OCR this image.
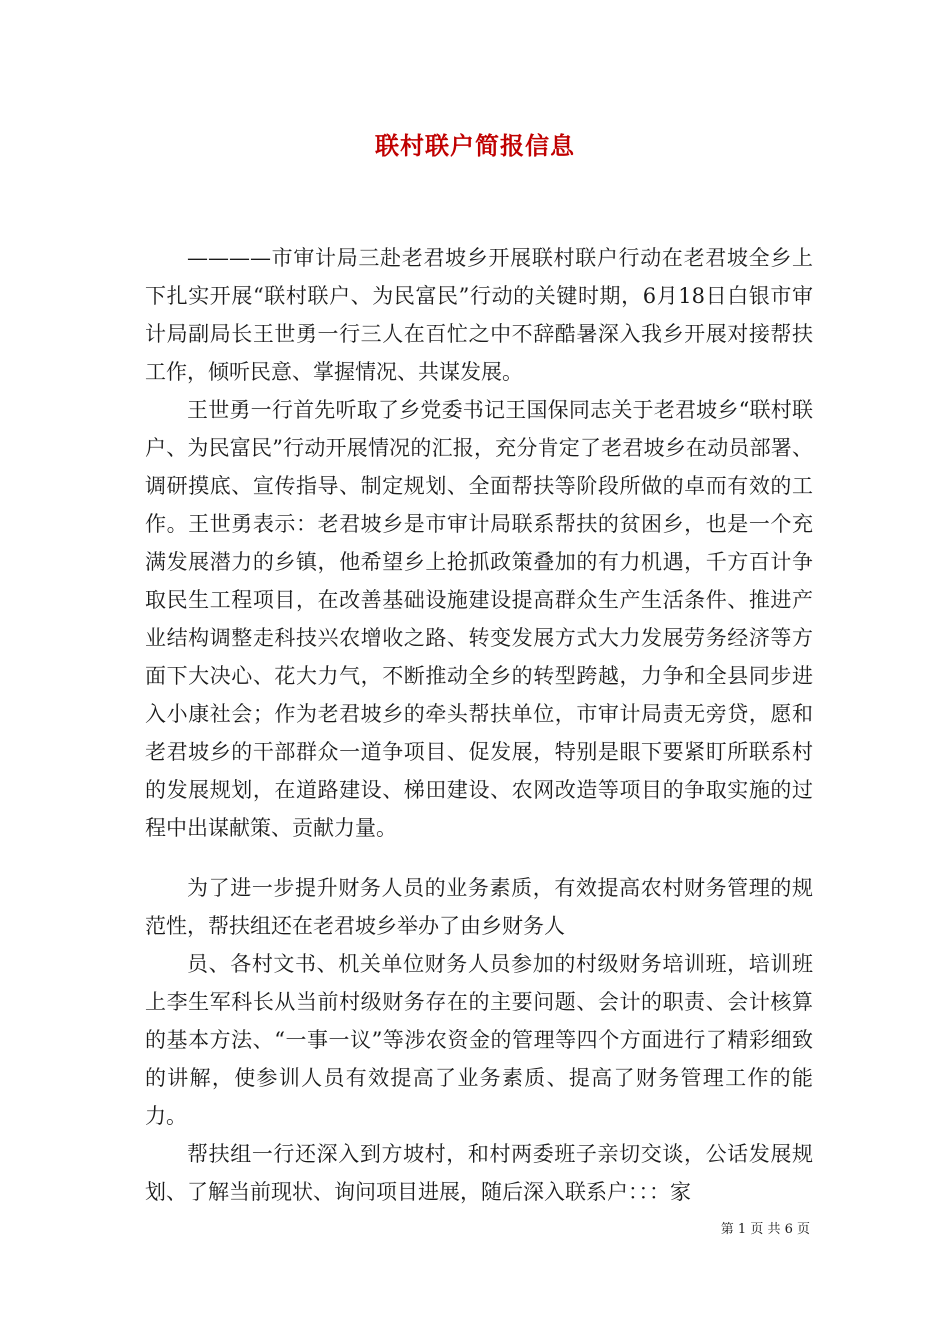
联村联户简报信息

————市审计局三赴老君坡乡开展联村联户行动在老君坡全乡上下扎实开展“联村联户、为民富民”行动的关键时期，6月18日白银市审计局副局长王世勇一行三人在百忙之中不辞酷暑深入我乡开展对接帮扶工作，倾听民意、掌握情况、共谋发展。

王世勇一行首先听取了乡党委书记王国保同志关于老君坡乡“联村联户、为民富民”行动开展情况的汇报，充分肯定了老君坡乡在动员部署、调研摸底、宣传指导、制定规划、全面帮扶等阶段所做的卓而有效的工作。王世勇表示：老君坡乡是市审计局联系帮扶的贫困乡，也是一个充满发展潜力的乡镇，他希望乡上抢抓政策叠加的有力机遇，千方百计争取民生工程项目，在改善基础设施建设提高群众生产生活条件、推进产业结构调整走科技兴农增收之路、转变发展方式大力发展劳务经济等方面下大决心、花大力气，不断推动全乡的转型跨越，力争和全县同步进入小康社会；作为老君坡乡的牵头帮扶单位，市审计局责无旁贷，愿和老君坡乡的干部群众一道争项目、促发展，特别是眼下要紧盯所联系村的发展规划，在道路建设、梯田建设、农网改造等项目的争取实施的过程中出谋献策、贡献力量。

为了进一步提升财务人员的业务素质，有效提高农村财务管理的规范性，帮扶组还在老君坡乡举办了由乡财务人

员、各村文书、机关单位财务人员参加的村级财务培训班，培训班上李生军科长从当前村级财务存在的主要问题、会计的职责、会计核算的基本方法、“一事一议”等涉农资金的管理等四个方面进行了精彩细致的讲解，使参训人员有效提高了业务素质、提高了财务管理工作的能力。

帮扶组一行还深入到方坡村，和村两委班子亲切交谈，公话发展规划、了解当前现状、询问项目进展，随后深入联系户：：：家

第 1 页 共 6 页
